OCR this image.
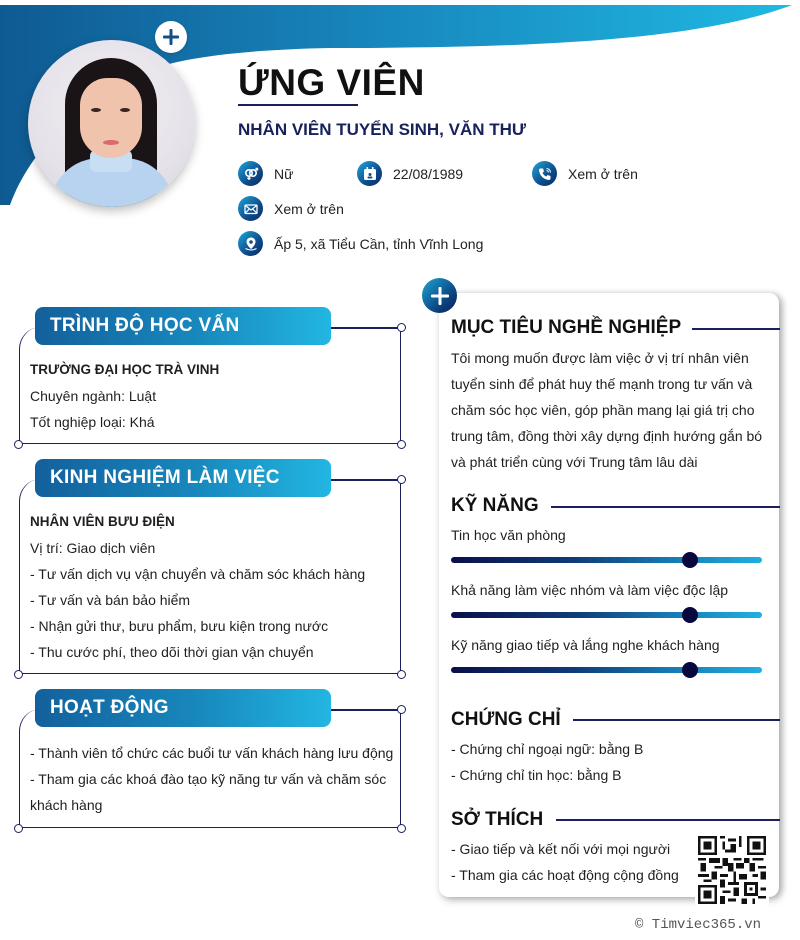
ỨNG VIÊN
NHÂN VIÊN TUYỂN SINH, VĂN THƯ
Nữ	22/08/1989	Xem ở trên
Xem ở trên
Ấp 5, xã Tiểu Cần, tỉnh Vĩnh Long
TRÌNH ĐỘ HỌC VẤN
TRƯỜNG ĐẠI HỌC TRÀ VINH
Chuyên ngành: Luật
Tốt nghiệp loại: Khá
KINH NGHIỆM LÀM VIỆC
NHÂN VIÊN BƯU ĐIỆN
Vị trí: Giao dịch viên
- Tư vấn dịch vụ vận chuyển và chăm sóc khách hàng
- Tư vấn và bán bảo hiểm
- Nhận gửi thư, bưu phẩm, bưu kiện trong nước
- Thu cước phí, theo dõi thời gian vận chuyển
HOẠT ĐỘNG
- Thành viên tổ chức các buổi tư vấn khách hàng lưu động
- Tham gia các khoá đào tạo kỹ năng tư vấn và chăm sóc
khách hàng
MỤC TIÊU NGHỀ NGHIỆP
Tôi mong muốn được làm việc ở vị trí nhân viên
tuyển sinh để phát huy thế mạnh trong tư vấn và
chăm sóc học viên, góp phần mang lại giá trị cho
trung tâm, đồng thời xây dựng định hướng gắn bó
và phát triển cùng với Trung tâm lâu dài
KỸ NĂNG
Tin học văn phòng
Khả năng làm việc nhóm và làm việc độc lập
Kỹ năng giao tiếp và lắng nghe khách hàng
CHỨNG CHỈ
- Chứng chỉ ngoại ngữ: bằng B
- Chứng chỉ tin học: bằng B
SỞ THÍCH
- Giao tiếp và kết nối với mọi người
- Tham gia các hoạt động cộng đồng
© Timviec365.vn
